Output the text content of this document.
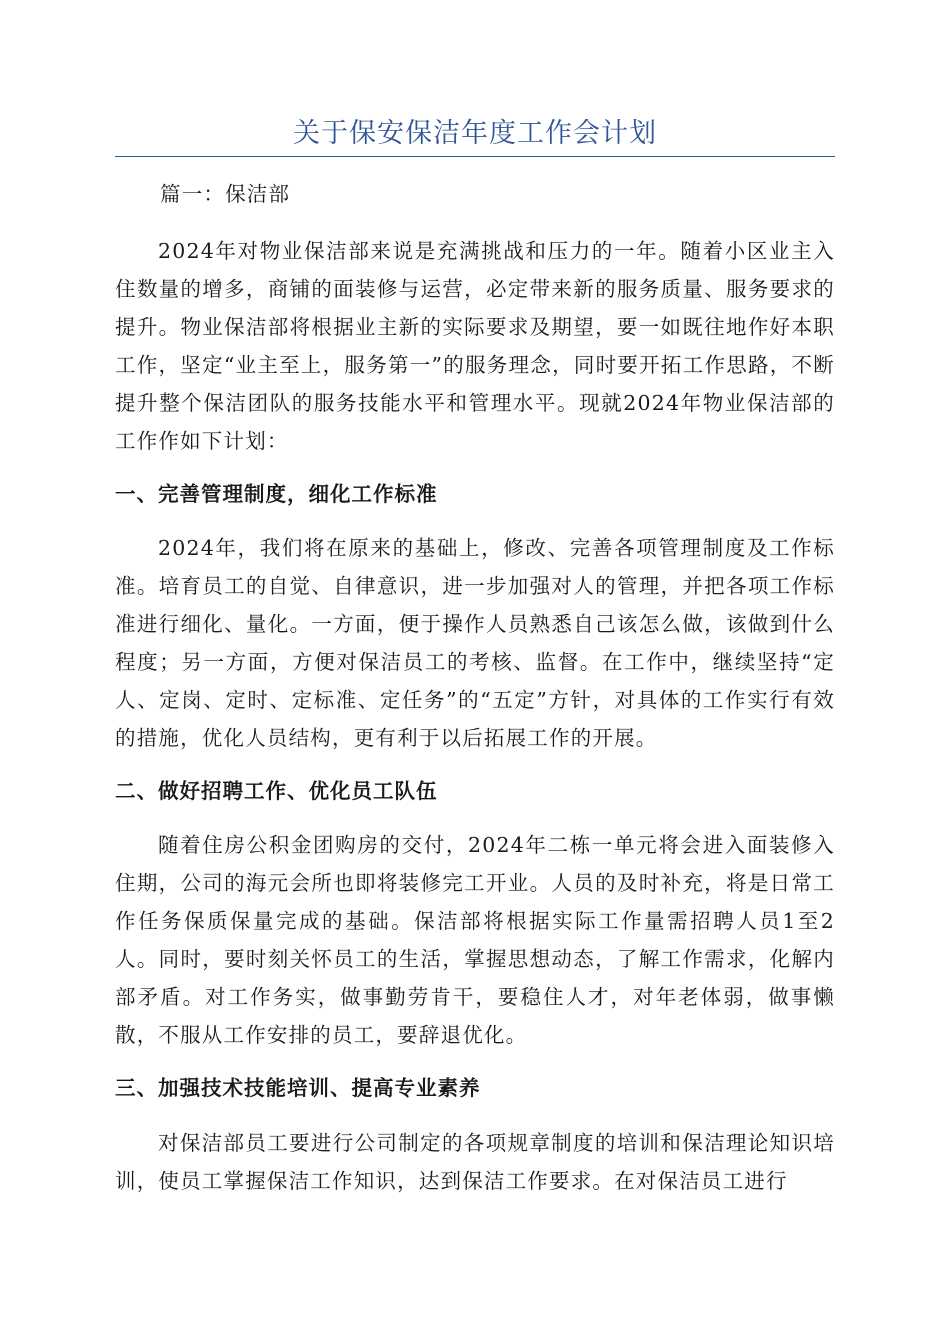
关于保安保洁年度工作会计划

篇一：保洁部

2024年对物业保洁部来说是充满挑战和压力的一年。随着小区业主入住数量的增多，商铺的面装修与运营，必定带来新的服务质量、服务要求的提升。物业保洁部将根据业主新的实际要求及期望，要一如既往地作好本职工作，坚定“业主至上，服务第一”的服务理念，同时要开拓工作思路，不断提升整个保洁团队的服务技能水平和管理水平。现就2024年物业保洁部的工作作如下计划：

一、完善管理制度，细化工作标准

2024年，我们将在原来的基础上，修改、完善各项管理制度及工作标准。培育员工的自觉、自律意识，进一步加强对人的管理，并把各项工作标准进行细化、量化。一方面，便于操作人员熟悉自己该怎么做，该做到什么程度；另一方面，方便对保洁员工的考核、监督。在工作中，继续坚持“定人、定岗、定时、定标准、定任务”的“五定”方针，对具体的工作实行有效的措施，优化人员结构，更有利于以后拓展工作的开展。

二、做好招聘工作、优化员工队伍

随着住房公积金团购房的交付，2024年二栋一单元将会进入面装修入住期，公司的海元会所也即将装修完工开业。人员的及时补充，将是日常工作任务保质保量完成的基础。保洁部将根据实际工作量需招聘人员1至2人。同时，要时刻关怀员工的生活，掌握思想动态，了解工作需求，化解内部矛盾。对工作务实，做事勤劳肯干，要稳住人才，对年老体弱，做事懒散，不服从工作安排的员工，要辞退优化。

三、加强技术技能培训、提高专业素养

对保洁部员工要进行公司制定的各项规章制度的培训和保洁理论知识培训，使员工掌握保洁工作知识，达到保洁工作要求。在对保洁员工进行
